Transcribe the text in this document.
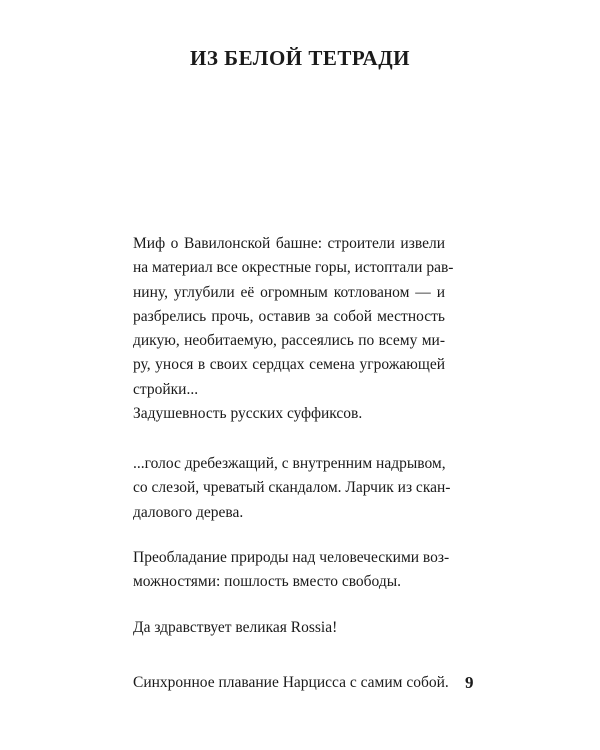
ИЗ БЕЛОЙ ТЕТРАДИ
Миф о Вавилонской башне: строители извели
на материал все окрестные горы, истоптали рав-
нину, углубили её огромным котлованом — и
разбрелись прочь, оставив за собой местность
дикую, необитаемую, рассеялись по всему ми-
ру, унося в своих сердцах семена угрожающей
стройки...
Задушевность русских суффиксов.
...голос дребезжащий, с внутренним надрывом,
со слезой, чреватый скандалом. Ларчик из скан-
далового дерева.
Преобладание природы над человеческими воз-
можностями: пошлость вместо свободы.
Да здравствует великая Rossia!
Синхронное плавание Нарцисса с самим собой. 9
